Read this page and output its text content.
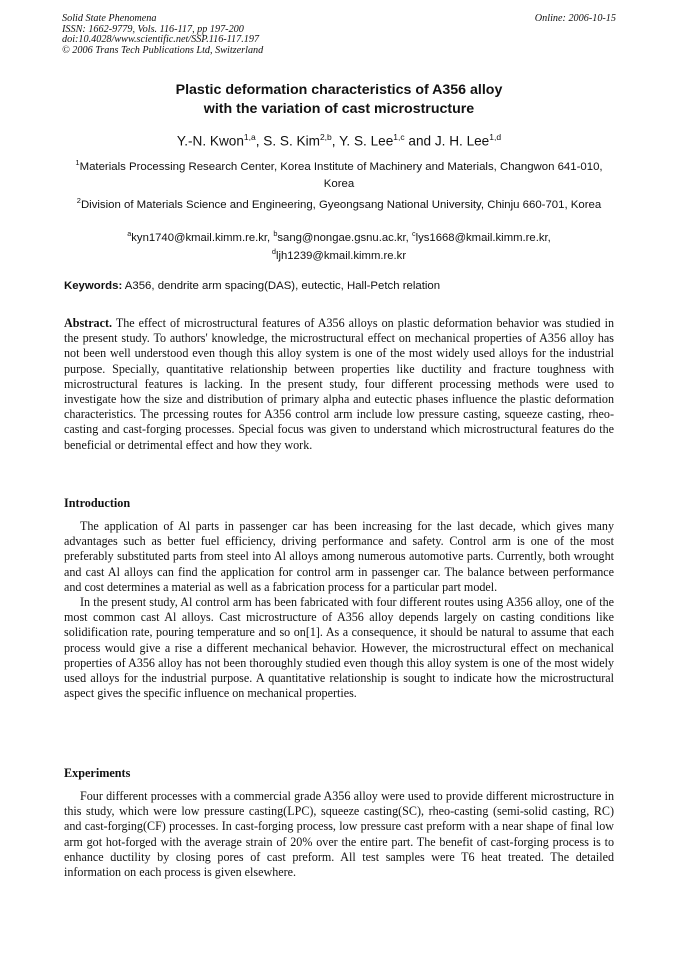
Solid State Phenomena
ISSN: 1662-9779, Vols. 116-117, pp 197-200
doi:10.4028/www.scientific.net/SSP.116-117.197
© 2006 Trans Tech Publications Ltd, Switzerland
Online: 2006-10-15
Plastic deformation characteristics of A356 alloy
with the variation of cast microstructure
Y.-N. Kwon$^{1,a}$, S. S. Kim$^{2,b}$, Y. S. Lee$^{1,c}$ and J. H. Lee$^{1,d}$
$^1$Materials Processing Research Center, Korea Institute of Machinery and Materials, Changwon 641-010, Korea
$^2$Division of Materials Science and Engineering, Gyeongsang National University, Chinju 660-701, Korea
$^a$kyn1740@kmail.kimm.re.kr, $^b$sang@nongae.gsnu.ac.kr, $^c$lys1668@kmail.kimm.re.kr,
$^d$ljh1239@kmail.kimm.re.kr
Keywords: A356, dendrite arm spacing(DAS), eutectic, Hall-Petch relation

Abstract. The effect of microstructural features of A356 alloys on plastic deformation behavior was studied in the present study. To authors' knowledge, the microstructural effect on mechanical properties of A356 alloy has not been well understood even though this alloy system is one of the most widely used alloys for the industrial purpose. Specially, quantitative relationship between properties like ductility and fracture toughness with microstructural features is lacking. In the present study, four different processing methods were used to investigate how the size and distribution of primary alpha and eutectic phases influence the plastic deformation characteristics. The prcessing routes for A356 control arm include low pressure casting, squeeze casting, rheo-casting and cast-forging processes. Special focus was given to understand which microstructural features do the beneficial or detrimental effect and how they work.

Introduction

The application of Al parts in passenger car has been increasing for the last decade, which gives many advantages such as better fuel efficiency, driving performance and safety. Control arm is one of the most preferably substituted parts from steel into Al alloys among numerous automotive parts. Currently, both wrought and cast Al alloys can find the application for control arm in passenger car. The balance between performance and cost determines a material as well as a fabrication process for a particular part model.

In the present study, Al control arm has been fabricated with four different routes using A356 alloy, one of the most common cast Al alloys. Cast microstructure of A356 alloy depends largely on casting conditions like solidification rate, pouring temperature and so on[1]. As a consequence, it should be natural to assume that each process would give a rise a different mechanical behavior. However, the microstructural effect on mechanical properties of A356 alloy has not been thoroughly studied even though this alloy system is one of the most widely used alloys for the industrial purpose. A quantitative relationship is sought to indicate how the microstructural aspect gives the specific influence on mechanical properties.

Experiments

Four different processes with a commercial grade A356 alloy were used to provide different microstructure in this study, which were low pressure casting(LPC), squeeze casting(SC), rheo-casting (semi-solid casting, RC) and cast-forging(CF) processes. In cast-forging process, low pressure cast preform with a near shape of final low arm got hot-forged with the average strain of 20% over the entire part. The benefit of cast-forging process is to enhance ductility by closing pores of cast preform. All test samples were T6 heat treated. The detailed information on each process is given elsewhere.
